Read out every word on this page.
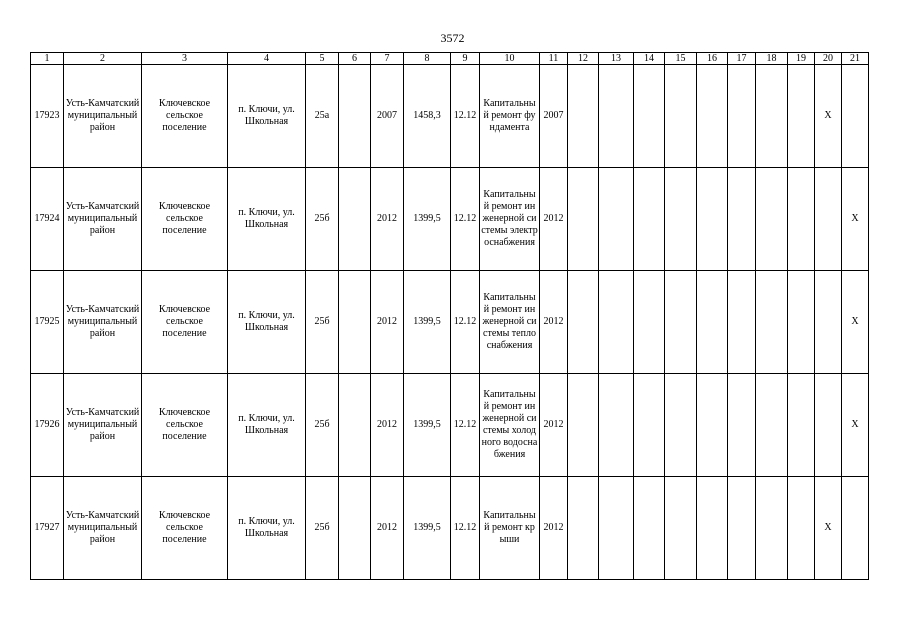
3572
1	2	3	4	5	6	7	8	9	10	11	12	13	14	15	16	17	18	19	20	21
17923	Усть-Камчатский муниципальный район	Ключевское сельское поселение	п. Ключи, ул. Школьная	25а		2007	1458,3	12.12	Капитальный ремонт фундамента	2007									X	
17924	Усть-Камчатский муниципальный район	Ключевское сельское поселение	п. Ключи, ул. Школьная	25б		2012	1399,5	12.12	Капитальный ремонт инженерной системы электроснабжения	2012										X
17925	Усть-Камчатский муниципальный район	Ключевское сельское поселение	п. Ключи, ул. Школьная	25б		2012	1399,5	12.12	Капитальный ремонт инженерной системы теплоснабжения	2012										X
17926	Усть-Камчатский муниципальный район	Ключевское сельское поселение	п. Ключи, ул. Школьная	25б		2012	1399,5	12.12	Капитальный ремонт инженерной системы холодного водоснабжения	2012										X
17927	Усть-Камчатский муниципальный район	Ключевское сельское поселение	п. Ключи, ул. Школьная	25б		2012	1399,5	12.12	Капитальный ремонт крыши	2012									X	
